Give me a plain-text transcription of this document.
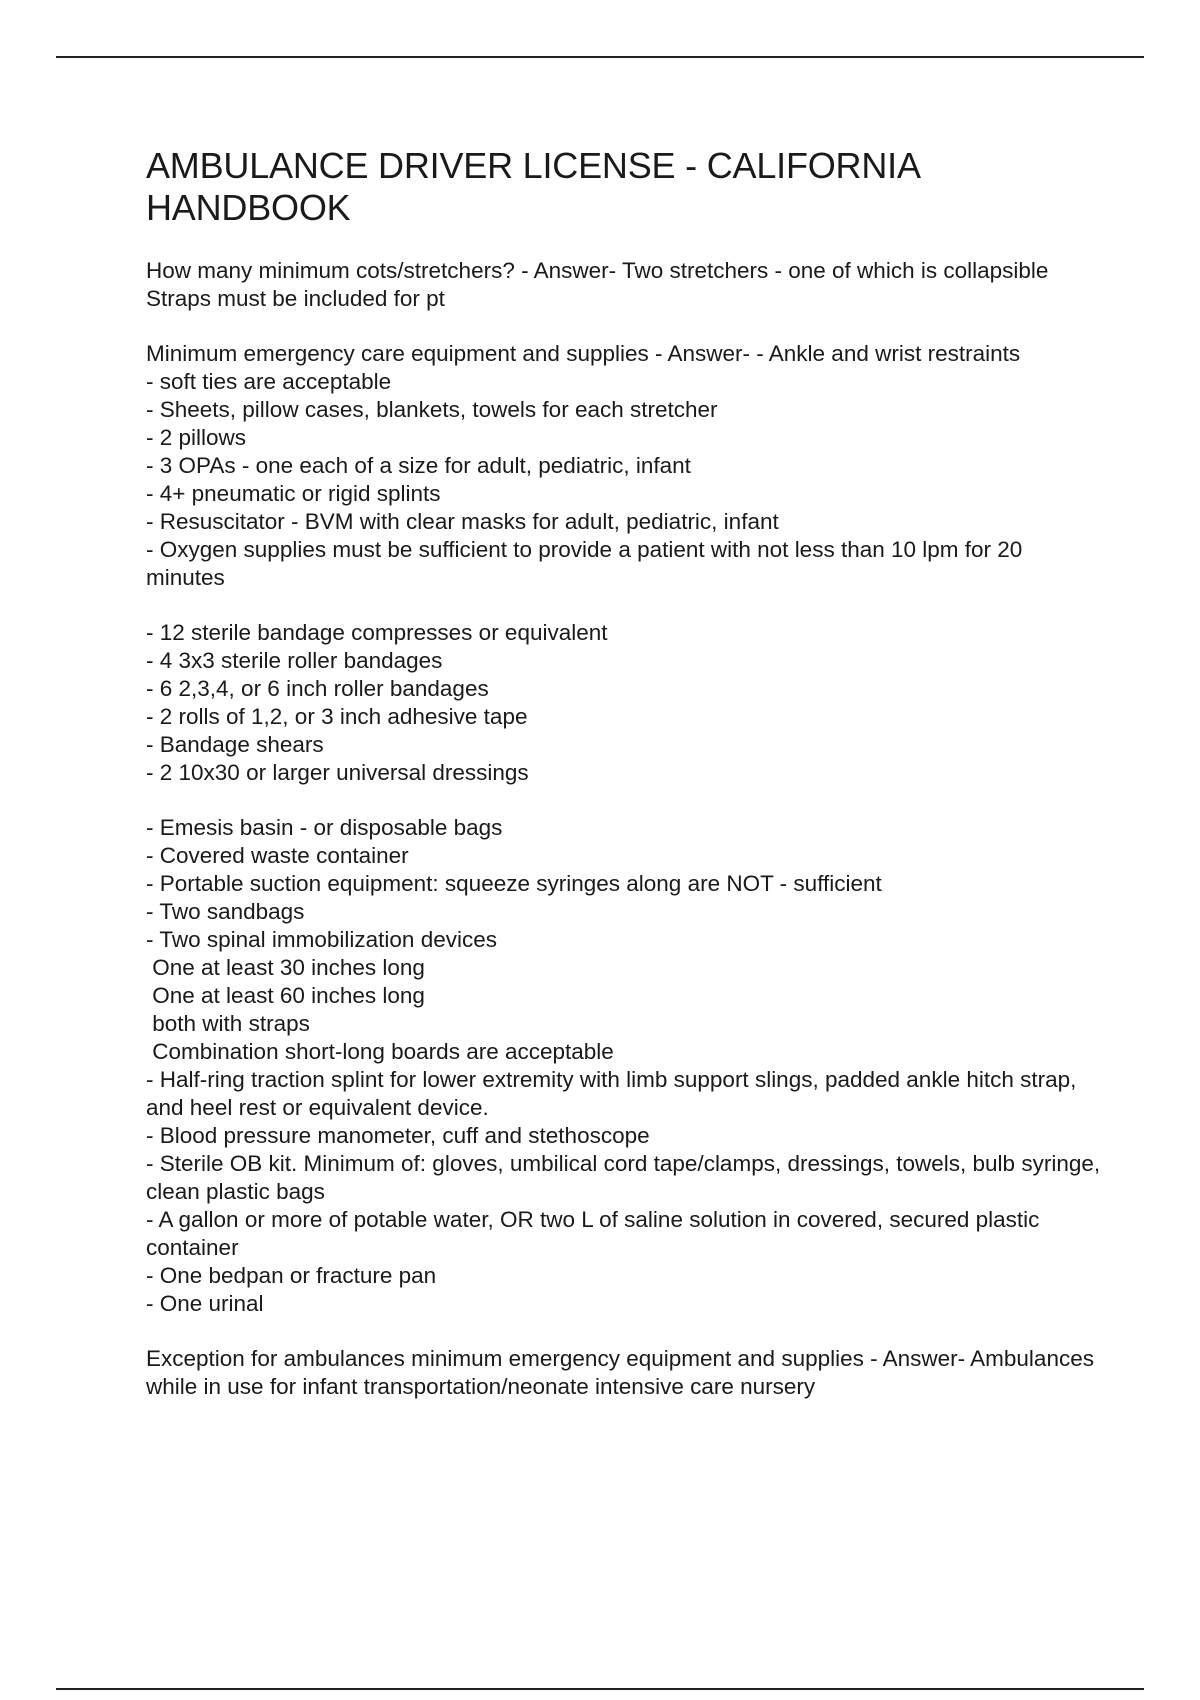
AMBULANCE DRIVER LICENSE - CALIFORNIA HANDBOOK

How many minimum cots/stretchers? - Answer- Two stretchers - one of which is collapsible

Straps must be included for pt

Minimum emergency care equipment and supplies - Answer- - Ankle and wrist restraints

- soft ties are acceptable

- Sheets, pillow cases, blankets, towels for each stretcher

- 2 pillows

- 3 OPAs - one each of a size for adult, pediatric, infant

- 4+ pneumatic or rigid splints

- Resuscitator - BVM with clear masks for adult, pediatric, infant

- Oxygen supplies must be sufficient to provide a patient with not less than 10 lpm for 20 minutes

- 12 sterile bandage compresses or equivalent

- 4 3x3 sterile roller bandages

- 6 2,3,4, or 6 inch roller bandages

- 2 rolls of 1,2, or 3 inch adhesive tape

- Bandage shears

- 2 10x30 or larger universal dressings

- Emesis basin - or disposable bags

- Covered waste container

- Portable suction equipment: squeeze syringes along are NOT - sufficient

- Two sandbags

- Two spinal immobilization devices

One at least 30 inches long

One at least 60 inches long

both with straps

Combination short-long boards are acceptable

- Half-ring traction splint for lower extremity with limb support slings, padded ankle hitch strap, and heel rest or equivalent device.

- Blood pressure manometer, cuff and stethoscope

- Sterile OB kit. Minimum of: gloves, umbilical cord tape/clamps, dressings, towels, bulb syringe, clean plastic bags

- A gallon or more of potable water, OR two L of saline solution in covered, secured plastic container

- One bedpan or fracture pan

- One urinal

Exception for ambulances minimum emergency equipment and supplies - Answer- Ambulances while in use for infant transportation/neonate intensive care nursery
